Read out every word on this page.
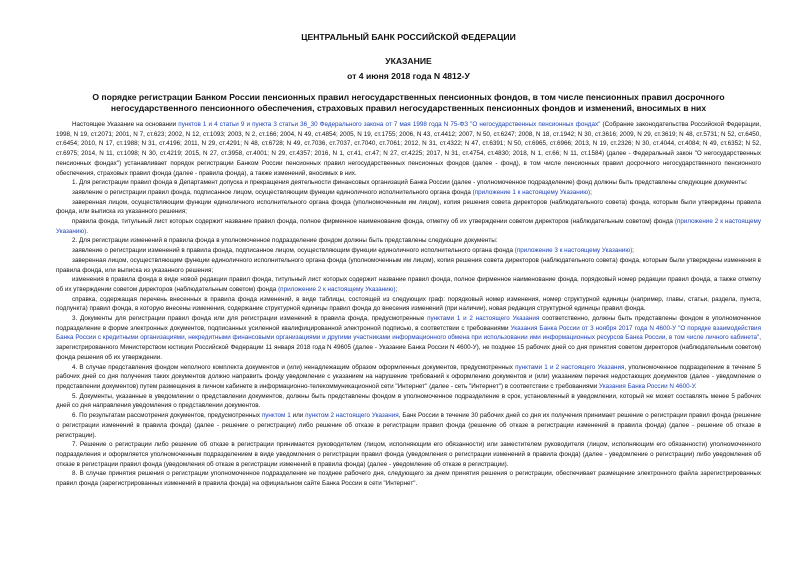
ЦЕНТРАЛЬНЫЙ БАНК РОССИЙСКОЙ ФЕДЕРАЦИИ
УКАЗАНИЕ
от 4 июня 2018 года N 4812-У
О порядке регистрации Банком России пенсионных правил негосударственных пенсионных фондов, в том числе пенсионных правил досрочного негосударственного пенсионного обеспечения, страховых правил негосударственных пенсионных фондов и изменений, вносимых в них

Настоящее Указание на основании пунктов 1 и 4 статьи 9 и пункта 3 статьи 36_30 Федерального закона от 7 мая 1998 года N 75-ФЗ "О негосударственных пенсионных фондах" (Собрание законодательства Российской Федерации, 1998, N 19, ст.2071; 2001, N 7, ст.623; 2002, N 12, ст.1093; 2003, N 2, ст.166; 2004, N 49, ст.4854; 2005, N 19, ст.1755; 2006, N 43, ст.4412; 2007, N 50, ст.6247; 2008, N 18, ст.1942; N 30, ст.3616; 2009, N 29, ст.3619; N 48, ст.5731; N 52, ст.6450, ст.6454; 2010, N 17, ст.1988; N 31, ст.4196; 2011, N 29, ст.4291; N 48, ст.6728; N 49, ст.7036, ст.7037, ст.7040, ст.7061; 2012, N 31, ст.4322; N 47, ст.6391; N 50, ст.6965, ст.6966; 2013, N 19, ст.2326; N 30, ст.4044, ст.4084; N 49, ст.6352; N 52, ст.6975; 2014, N 11, ст.1098; N 30, ст.4219; 2015, N 27, ст.3958, ст.4001; N 29, ст.4357; 2016, N 1, ст.41, ст.47; N 27, ст.4225; 2017, N 31, ст.4754, ст.4830; 2018, N 1, ст.66; N 11, ст.1584) (далее - Федеральный закон "О негосударственных пенсионных фондах") устанавливает порядок регистрации Банком России пенсионных правил негосударственных пенсионных фондов (далее - фонд), в том числе пенсионных правил досрочного негосударственного пенсионного обеспечения, страховых правил фонда (далее - правила фонда), а также изменений, вносимых в них.

1. Для регистрации правил фонда в Департамент допуска и прекращения деятельности финансовых организаций Банка России (далее - уполномоченное подразделение) фонд должны быть представлены следующие документы:

заявление о регистрации правил фонда, подписанное лицом, осуществляющим функции единоличного исполнительного органа фонда (приложение 1 к настоящему Указанию);

заверенная лицом, осуществляющим функции единоличного исполнительного органа фонда (уполномоченным им лицом), копия решения совета директоров (наблюдательного совета) фонда, которым были утверждены правила фонда, или выписка из указанного решения;

правила фонда, титульный лист которых содержит название правил фонда, полное фирменное наименование фонда, отметку об их утверждении советом директоров (наблюдательным советом) фонда (приложение 2 к настоящему Указанию).

2. Для регистрации изменений в правила фонда в уполномоченное подразделение фондом должны быть представлены следующие документы:

заявление о регистрации изменений в правила фонда, подписанное лицом, осуществляющим функции единоличного исполнительного органа фонда (приложение 3 к настоящему Указанию);

заверенная лицом, осуществляющим функции единоличного исполнительного органа фонда (уполномоченным им лицом), копия решения совета директоров (наблюдательного совета) фонда, которым были утверждены изменения в правила фонда, или выписка из указанного решения;

изменения в правила фонда в виде новой редакции правил фонда, титульный лист которых содержит название правил фонда, полное фирменное наименование фонда, порядковый номер редакции правил фонда, а также отметку об их утверждении советом директоров (наблюдательным советом) фонда (приложение 2 к настоящему Указанию);

справка, содержащая перечень внесенных в правила фонда изменений, в виде таблицы, состоящей из следующих граф: порядковый номер изменения, номер структурной единицы (например, главы, статьи, раздела, пункта, подпункта) правил фонда, в которую внесены изменения, содержание структурной единицы правил фонда до внесения изменений (при наличии), новая редакция структурной единицы правил фонда.

3. Документы для регистрации правил фонда или для регистрации изменений в правила фонда, предусмотренные пунктами 1 и 2 настоящего Указания соответственно, должны быть представлены фондом в уполномоченное подразделение в форме электронных документов, подписанных усиленной квалифицированной электронной подписью, в соответствии с требованиями Указания Банка России от 3 ноября 2017 года N 4600-У "О порядке взаимодействия Банка России с кредитными организациями, некредитными финансовыми организациями и другими участниками информационного обмена при использовании ими информационных ресурсов Банка России, в том числе личного кабинета", зарегистрированного Министерством юстиции Российской Федерации 11 января 2018 года N 49605 (далее - Указание Банка России N 4600-У), не позднее 15 рабочих дней со дня принятия советом директоров (наблюдательным советом) фонда решения об их утверждении.

4. В случае представления фондом неполного комплекта документов и (или) ненадлежащим образом оформленных документов, предусмотренных пунктами 1 и 2 настоящего Указания, уполномоченное подразделение в течение 5 рабочих дней со дня получения таких документов должно направить фонду уведомление с указанием на нарушение требований к оформлению документов и (или) указанием перечня недостающих документов (далее - уведомление о представлении документов) путем размещения в личном кабинете в информационно-телекоммуникационной сети "Интернет" (далее - сеть "Интернет") в соответствии с требованиями Указания Банка России N 4600-У.

5. Документы, указанные в уведомлении о представлении документов, должны быть представлены фондом в уполномоченное подразделение в срок, установленный в уведомлении, который не может составлять менее 5 рабочих дней со дня направления уведомления о представлении документов.

6. По результатам рассмотрения документов, предусмотренных пунктом 1 или пунктом 2 настоящего Указания, Банк России в течение 30 рабочих дней со дня их получения принимает решение о регистрации правил фонда (решение о регистрации изменений в правила фонда) (далее - решение о регистрации) либо решение об отказе в регистрации правил фонда (решение об отказе в регистрации изменений в правила фонда) (далее - решение об отказе в регистрации).

7. Решение о регистрации либо решение об отказе в регистрации принимается руководителем (лицом, исполняющим его обязанности) или заместителем руководителя (лицом, исполняющим его обязанности) уполномоченного подразделения и оформляется уполномоченным подразделением в виде уведомления о регистрации правил фонда (уведомления о регистрации изменений в правила фонда) (далее - уведомление о регистрации) либо уведомления об отказе в регистрации правил фонда (уведомления об отказе в регистрации изменений в правила фонда) (далее - уведомление об отказе в регистрации).

8. В случае принятия решения о регистрации уполномоченное подразделение не позднее рабочего дня, следующего за днем принятия решения о регистрации, обеспечивает размещение электронного файла зарегистрированных правил фонда (зарегистрированных изменений в правила фонда) на официальном сайте Банка России в сети "Интернет".
